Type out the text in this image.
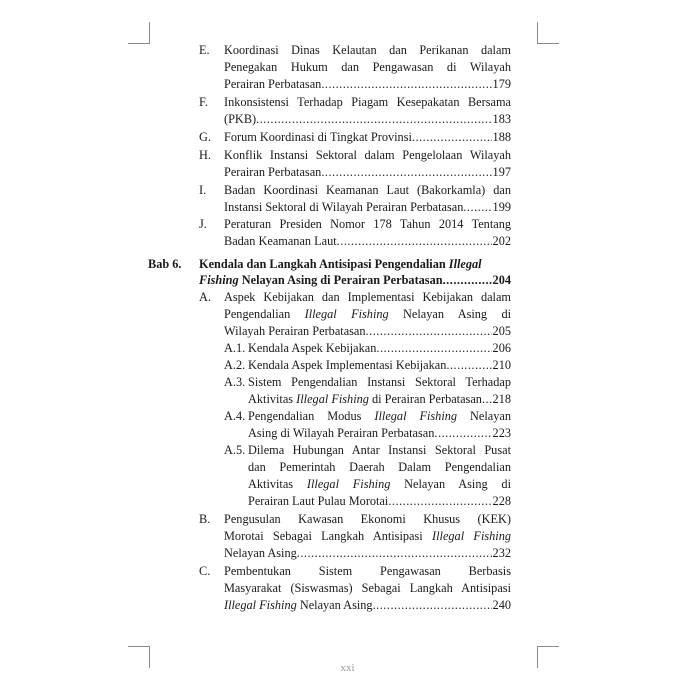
E. Koordinasi Dinas Kelautan dan Perikanan dalam
Penegakan Hukum dan Pengawasan di Wilayah
Perairan Perbatasan .....	179
F. Inkonsistensi Terhadap Piagam Kesepakatan Bersama
(PKB) .....	183
G. Forum Koordinasi di Tingkat Provinsi .....	188
H. Konflik Instansi Sektoral dalam Pengelolaan Wilayah
Perairan Perbatasan .....	197
I. Badan Koordinasi Keamanan Laut (Bakorkamla) dan
Instansi Sektoral di Wilayah Perairan Perbatasan ..... 199
J. Peraturan Presiden Nomor 178 Tahun 2014 Tentang
Badan Keamanan Laut .....	202
Bab 6. Kendala dan Langkah Antisipasi Pengendalian Illegal
Fishing Nelayan Asing di Perairan Perbatasan .....	204
A. Aspek Kebijakan dan Implementasi Kebijakan dalam
Pengendalian Illegal Fishing Nelayan Asing di
Wilayah Perairan Perbatasan .....	205
A.1. Kendala Aspek Kebijakan .....	206
A.2. Kendala Aspek Implementasi Kebijakan .....	210
A.3. Sistem Pengendalian Instansi Sektoral Terhadap
Aktivitas Illegal Fishing di Perairan Perbatasan ..... 218
A.4. Pengendalian Modus Illegal Fishing Nelayan
Asing di Wilayah Perairan Perbatasan .....	223
A.5. Dilema Hubungan Antar Instansi Sektoral Pusat
dan Pemerintah Daerah Dalam Pengendalian
Aktivitas Illegal Fishing Nelayan Asing di
Perairan Laut Pulau Morotai .....	228
B. Pengusulan Kawasan Ekonomi Khusus (KEK)
Morotai Sebagai Langkah Antisipasi Illegal Fishing
Nelayan Asing .....	232
C. Pembentukan Sistem Pengawasan Berbasis
Masyarakat (Siswasmas) Sebagai Langkah Antisipasi
Illegal Fishing Nelayan Asing .....	240
xxi
